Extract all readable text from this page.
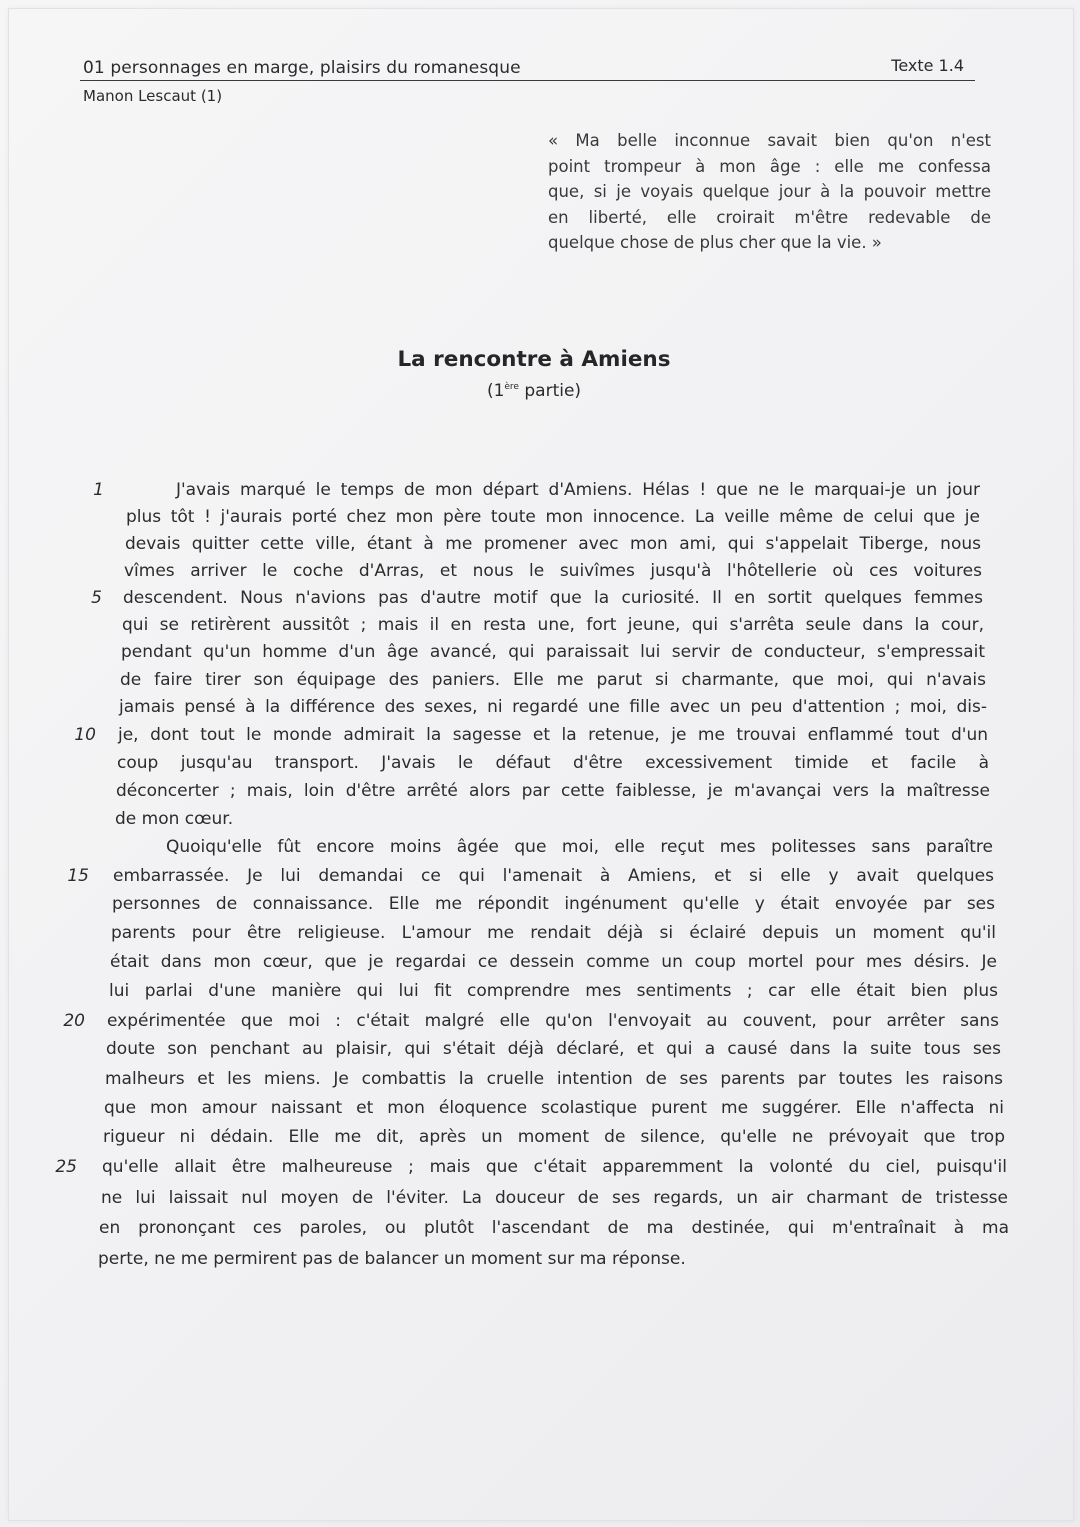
01 personnages en marge, plaisirs du romanesque	Texte 1.4
Manon Lescaut (1)
« Ma belle inconnue savait bien qu'on n'est
point trompeur à mon âge : elle me confessa
que, si je voyais quelque jour à la pouvoir mettre
en liberté, elle croirait m'être redevable de
quelque chose de plus cher que la vie. »
La rencontre à Amiens
(1ère partie)
1
5
10
15
20
25
J'avais marqué le temps de mon départ d'Amiens. Hélas ! que ne le marquai-je un jour
plus tôt ! j'aurais porté chez mon père toute mon innocence. La veille même de celui que je
devais quitter cette ville, étant à me promener avec mon ami, qui s'appelait Tiberge, nous
vîmes arriver le coche d'Arras, et nous le suivîmes jusqu'à l'hôtellerie où ces voitures
descendent. Nous n'avions pas d'autre motif que la curiosité. Il en sortit quelques femmes
qui se retirèrent aussitôt ; mais il en resta une, fort jeune, qui s'arrêta seule dans la cour,
pendant qu'un homme d'un âge avancé, qui paraissait lui servir de conducteur, s'empressait
de faire tirer son équipage des paniers. Elle me parut si charmante, que moi, qui n'avais
jamais pensé à la différence des sexes, ni regardé une fille avec un peu d'attention ; moi, dis-
je, dont tout le monde admirait la sagesse et la retenue, je me trouvai enflammé tout d'un
coup jusqu'au transport. J'avais le défaut d'être excessivement timide et facile à
déconcerter ; mais, loin d'être arrêté alors par cette faiblesse, je m'avançai vers la maîtresse
de mon cœur.
Quoiqu'elle fût encore moins âgée que moi, elle reçut mes politesses sans paraître
embarrassée. Je lui demandai ce qui l'amenait à Amiens, et si elle y avait quelques
personnes de connaissance. Elle me répondit ingénument qu'elle y était envoyée par ses
parents pour être religieuse. L'amour me rendait déjà si éclairé depuis un moment qu'il
était dans mon cœur, que je regardai ce dessein comme un coup mortel pour mes désirs. Je
lui parlai d'une manière qui lui fit comprendre mes sentiments ; car elle était bien plus
expérimentée que moi : c'était malgré elle qu'on l'envoyait au couvent, pour arrêter sans
doute son penchant au plaisir, qui s'était déjà déclaré, et qui a causé dans la suite tous ses
malheurs et les miens. Je combattis la cruelle intention de ses parents par toutes les raisons
que mon amour naissant et mon éloquence scolastique purent me suggérer. Elle n'affecta ni
rigueur ni dédain. Elle me dit, après un moment de silence, qu'elle ne prévoyait que trop
qu'elle allait être malheureuse ; mais que c'était apparemment la volonté du ciel, puisqu'il
ne lui laissait nul moyen de l'éviter. La douceur de ses regards, un air charmant de tristesse
en prononçant ces paroles, ou plutôt l'ascendant de ma destinée, qui m'entraînait à ma
perte, ne me permirent pas de balancer un moment sur ma réponse.
